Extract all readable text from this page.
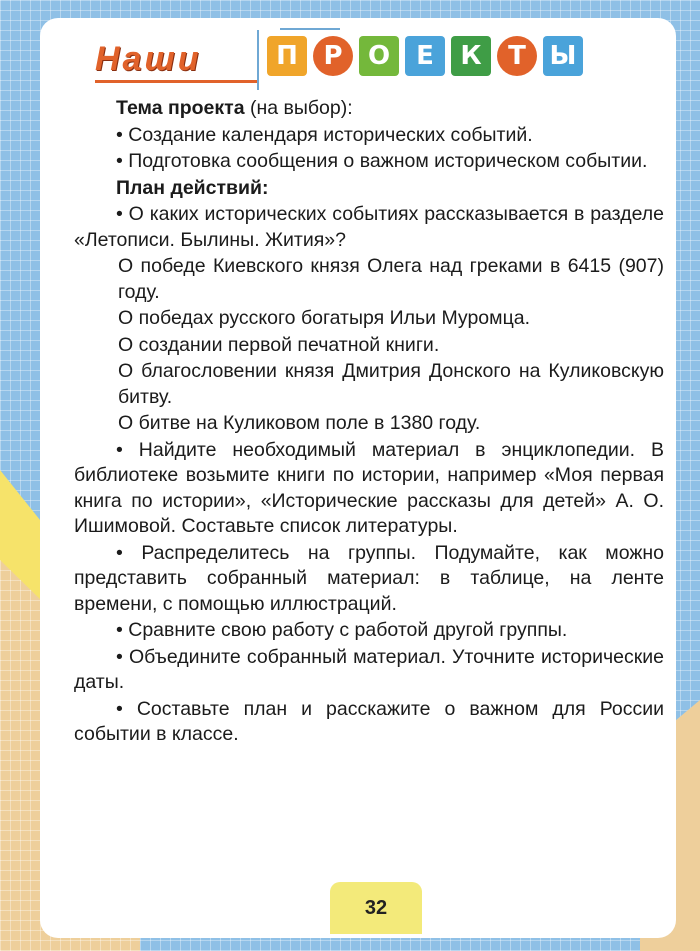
Наши	П Р О	Е	К	Т Ы

Тема проекта (на выбор):

• Создание календаря исторических событий.

• Подготовка сообщения о важном историческом событии.

План действий:

• О каких исторических событиях рассказывается в разделе «Летописи. Былины. Жития»?

О победе Киевского князя Олега над греками в 6415 (907) году.

О победах русского богатыря Ильи Муромца.

О создании первой печатной книги.

О благословении князя Дмитрия Донского на Куликовскую битву.

О битве на Куликовом поле в 1380 году.

• Найдите необходимый материал в энциклопедии. В библиотеке возьмите книги по истории, например «Моя первая книга по истории», «Исторические рассказы для детей» А. О. Ишимовой. Составьте список литературы.

• Распределитесь на группы. Подумайте, как можно представить собранный материал: в таблице, на ленте времени, с помощью иллюстраций.

• Сравните свою работу с работой другой группы.

• Объедините собранный материал. Уточните исторические даты.

• Составьте план и расскажите о важном для России событии в классе.

32
